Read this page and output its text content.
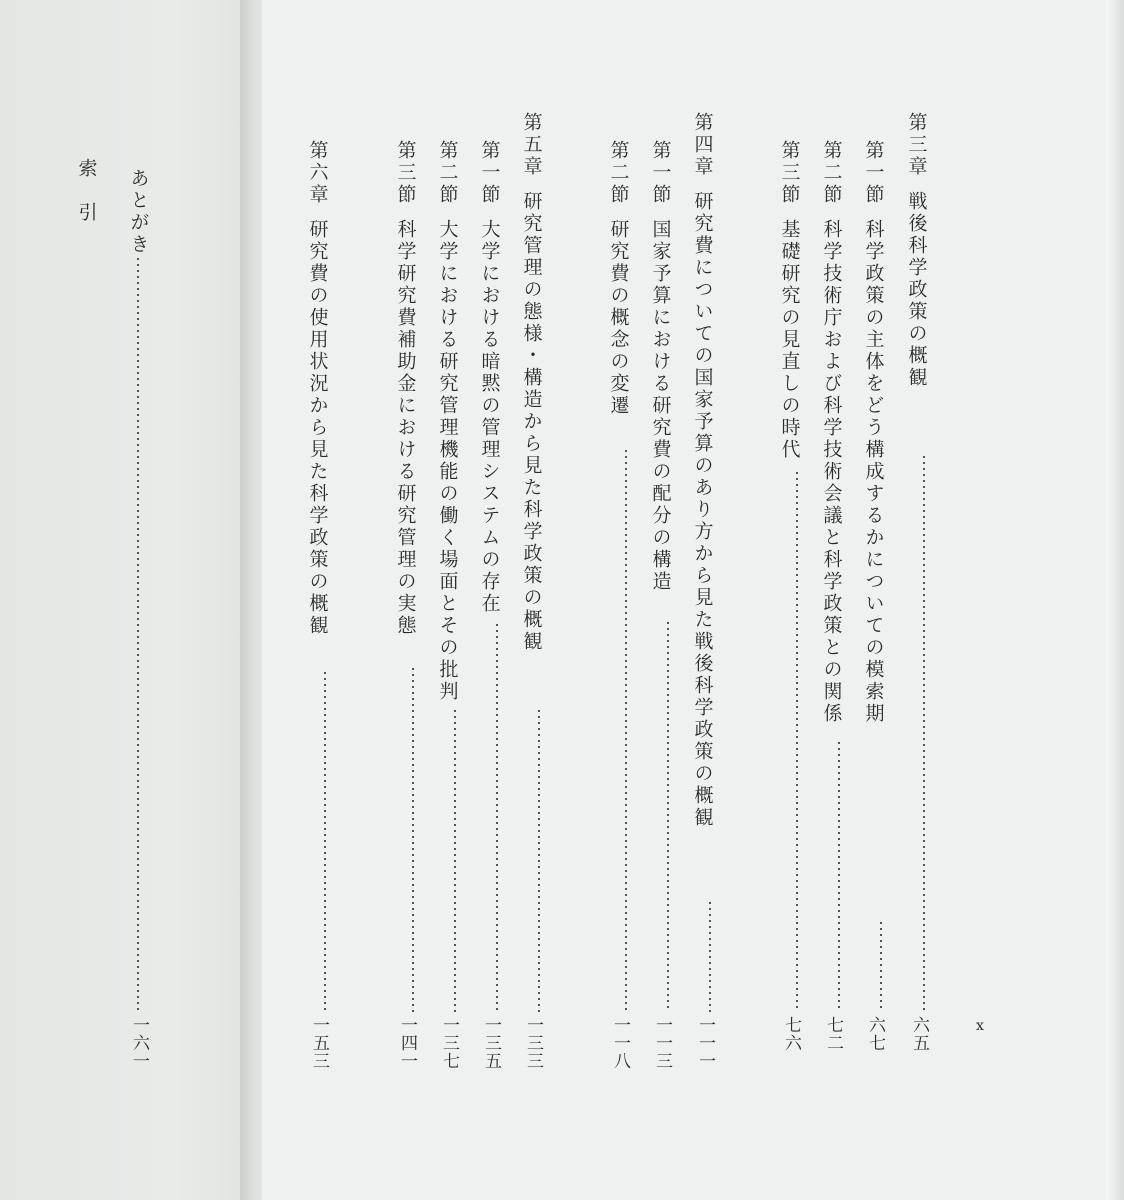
第三章
戦後科学政策の概観
六五
第一節
科学政策の主体をどう構成するかについての模索期
六七
第二節
科学技術庁および科学技術会議と科学政策との関係
七二
第三節
基礎研究の見直しの時代
七六
第四章
研究費についての国家予算のあり方から見た戦後科学政策の概観
一一一
第一節
国家予算における研究費の配分の構造
一一三
第二節
研究費の概念の変遷
一一八
第五章
研究管理の態様・構造から見た科学政策の概観
一三三
第一節
大学における暗黙の管理システムの存在
一三五
第二節
大学における研究管理機能の働く場面とその批判
一三七
第三節
科学研究費補助金における研究管理の実態
一四一
第六章
研究費の使用状況から見た科学政策の概観
一五三
あとがき
一六一
索　引
x
